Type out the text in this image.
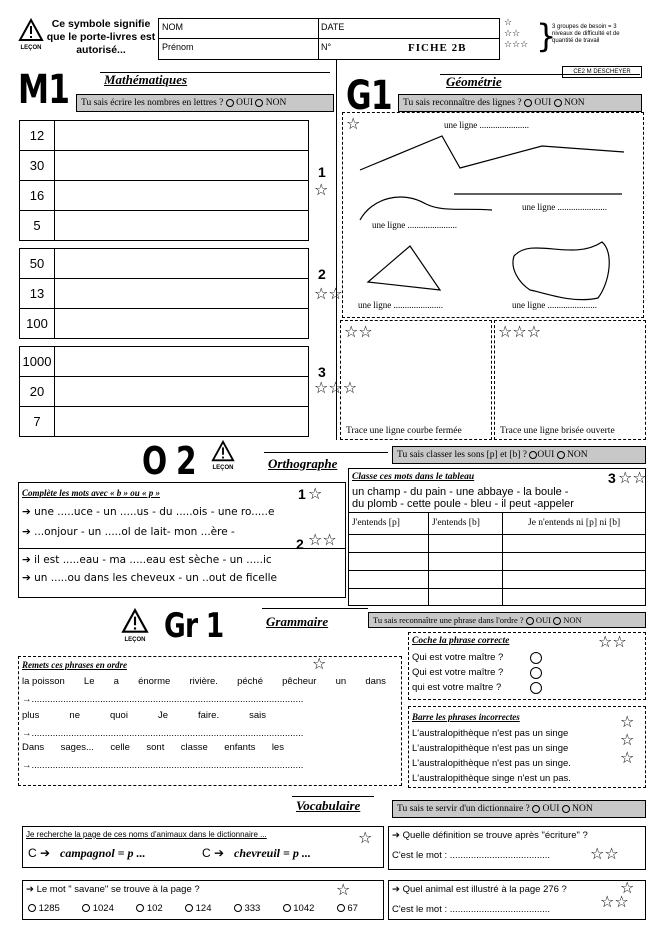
LEÇON
Ce symbole signifie que le porte-livres est autorisé...
NOM	DATE
Prénom	N°	FICHE 2B
☆
☆☆
☆☆☆ }
3 groupes de besoin = 3 niveaux de difficulté et de quantité de travail
CE2 M DESCHEYER
M1	Mathématiques
Tu sais écrire les nombres en lettres ? OUI NON
12	
30	
16	
5	
1
☆
50	
13	
100	
2
☆☆
1000	
20	
7	
3
☆☆☆
G1	Géométrie
Tu sais reconnaître des lignes ? OUI NON
☆	une ligne ......................
une ligne ......................
une ligne ......................
une ligne ......................	une ligne ......................
☆☆
Trace une ligne courbe fermée
☆☆☆
Trace une ligne brisée ouverte
O 2	LEÇON	Orthographe
Tu sais classer les sons [p] et [b] ? OUI NON
Complète les mots avec « b » ou « p »	1 ☆
➔ une .....uce - un .....us - du .....ois - une ro.....e
➔ ...onjour - un .....ol de lait- mon ...ère -
2 ☆☆
➔ il est .....eau - ma .....eau est sèche - un .....ic
➔ un .....ou dans les cheveux - un ..out de ficelle
Classe ces mots dans le tableau	3 ☆☆
un champ - du pain - une abbaye - la boule -
du plomb - cette poule - bleu - il peut -appeler
J'entends [p]	J'entends [b]	Je n'entends ni [p] ni [b]
LEÇON Gr 1	Grammaire	Tu sais reconnaître une phrase dans l'ordre ? OUI NON
Remets ces phrases en ordre	☆
la poisson Le a énorme rivière. péché pêcheur un dans
→.......................................................................................................
plus	ne	quoi	Je	faire.	sais
→.......................................................................................................
Dans sages... celle sont classe enfants les
→.......................................................................................................
Coche la phrase correcte	☆☆
Qui est votre maître ?
Qui est votre maître ?
qui est votre maître ?
Barre les phrases incorrectes
L'australopithèque n'est pas un singe
L'australopithèque n'est pas un singe
L'australopithèque n'est pas un singe.
L'australopithèque singe n'est un pas.
☆
☆
☆
Vocabulaire	Tu sais te servir d'un dictionnaire ? OUI NON
Je recherche la page de ces noms d'animaux dans le dictionnaire ...	☆
C ➔ campagnol = p ...	C ➔ chevreuil = p ...
➔ Quelle définition se trouve après "écriture" ?
C'est le mot : ...................................... ☆☆
➔ Le mot " savane" se trouve à la page ?	☆
1285	1024	102	124	333	1042	67
➔ Quel animal est illustré à la page 276 ?
C'est le mot : ......................................
☆
☆☆
